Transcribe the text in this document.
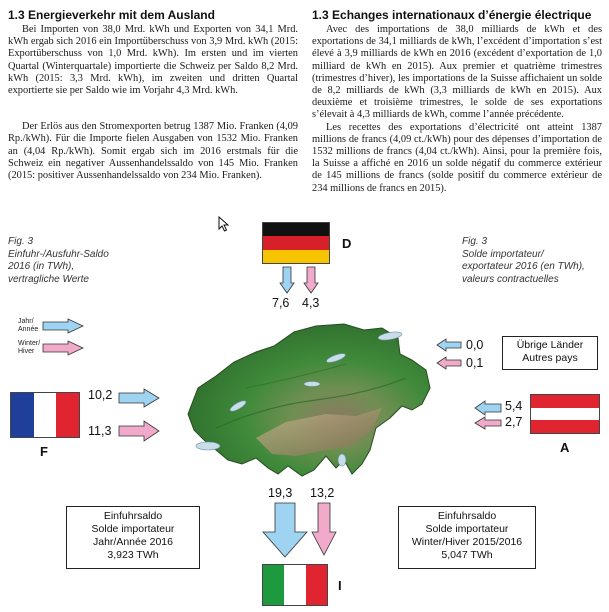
1.3 Energieverkehr mit dem Ausland

Bei Importen von 38,0 Mrd. kWh und Exporten von 34,1 Mrd. kWh ergab sich 2016 ein Importüberschuss von 3,9 Mrd. kWh (2015: Exportüberschuss von 1,0 Mrd. kWh). Im ersten und im vierten Quartal (Winterquartale) importierte die Schweiz per Saldo 8,2 Mrd. kWh (2015: 3,3 Mrd. kWh), im zweiten und dritten Quartal exportierte sie per Saldo wie im Vorjahr 4,3 Mrd. kWh.

Der Erlös aus den Stromexporten betrug 1387 Mio. Franken (4,09 Rp./kWh). Für die Importe fielen Ausgaben von 1532 Mio. Franken an (4,04 Rp./kWh). Somit ergab sich im 2016 erstmals für die Schweiz ein negativer Aussenhandelssaldo von 145 Mio. Franken (2015: positiver Aussenhandelssaldo von 234 Mio. Franken).

1.3 Echanges internationaux d’énergie électrique

Avec des importations de 38,0 milliards de kWh et des exportations de 34,1 milliards de kWh, l’excédent d’importation s’est élevé à 3,9 milliards de kWh en 2016 (excédent d’exportation de 1,0 milliard de kWh en 2015). Aux premier et quatrième trimestres (trimestres d’hiver), les importations de la Suisse affichaient un solde de 8,2 milliards de kWh (3,3 milliards de kWh en 2015). Aux deuxième et troisième trimestres, le solde de ses exportations s’élevait à 4,3 milliards de kWh, comme l’année précédente.

Les recettes des exportations d’électricité ont atteint 1387 millions de francs (4,09 ct./kWh) pour des dépenses d’importation de 1532 millions de francs (4,04 ct./kWh). Ainsi, pour la première fois, la Suisse a affiché en 2016 un solde négatif du commerce extérieur de 145 millions de francs (solde positif du commerce extérieur de 234 millions de francs en 2015).

Fig. 3
Einfuhr-/Ausfuhr-Saldo
2016 (in TWh),
vertragliche Werte
Fig. 3
Solde importateur/
exportateur 2016 (en TWh),
valeurs contractuelles
Jahr/
Année
Winter/
Hiver
D
7,6 4,3
0,0
0,1
Übrige Länder
Autres pays
F
10,2
11,3
5,4
2,7
A
19,3 13,2
I
Einfuhrsaldo
Solde importateur
Jahr/Année 2016
3,923 TWh
Einfuhrsaldo
Solde importateur
Winter/Hiver 2015/2016
5,047 TWh
